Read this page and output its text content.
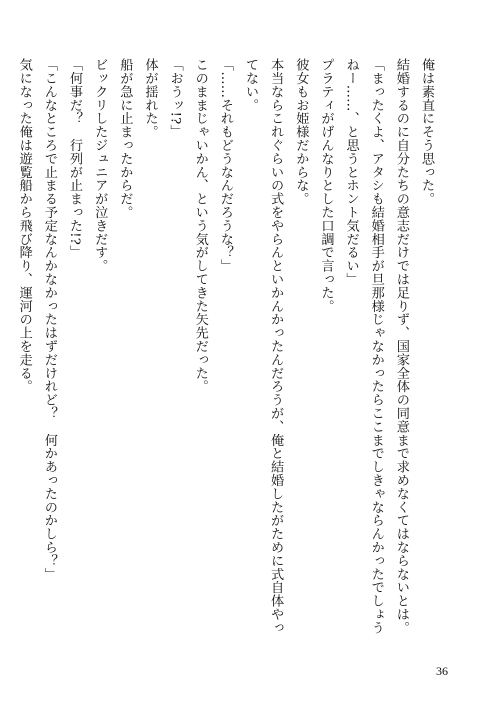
俺は素直にそう思った。
結婚するのに自分たちの意志だけでは足りず、国家全体の同意まで求めなくてはならないとは。
「まったくよ、アタシも結婚相手が旦那様じゃなかったらここまでしきゃならんかったでしょう
ねー……、と思うとホント気だるい」
プラティがげんなりとした口調で言った。
彼女もお姫様だからな。
本当ならこれぐらいの式をやらんといかんかったんだろうが、俺と結婚したがために式自体やっ
てない。
「……それもどうなんだろうな？」
このままじゃいかん、という気がしてきた矢先だった。
「おうッ!?」
体が揺れた。
船が急に止まったからだ。
ビックリしたジュニアが泣きだす。
「何事だ？　行列が止まった!?」
「こんなところで止まる予定なんかなかったはずだけれど？　何かあったのかしら？」
気になった俺は遊覧船から飛び降り、運河の上を走る。
36
